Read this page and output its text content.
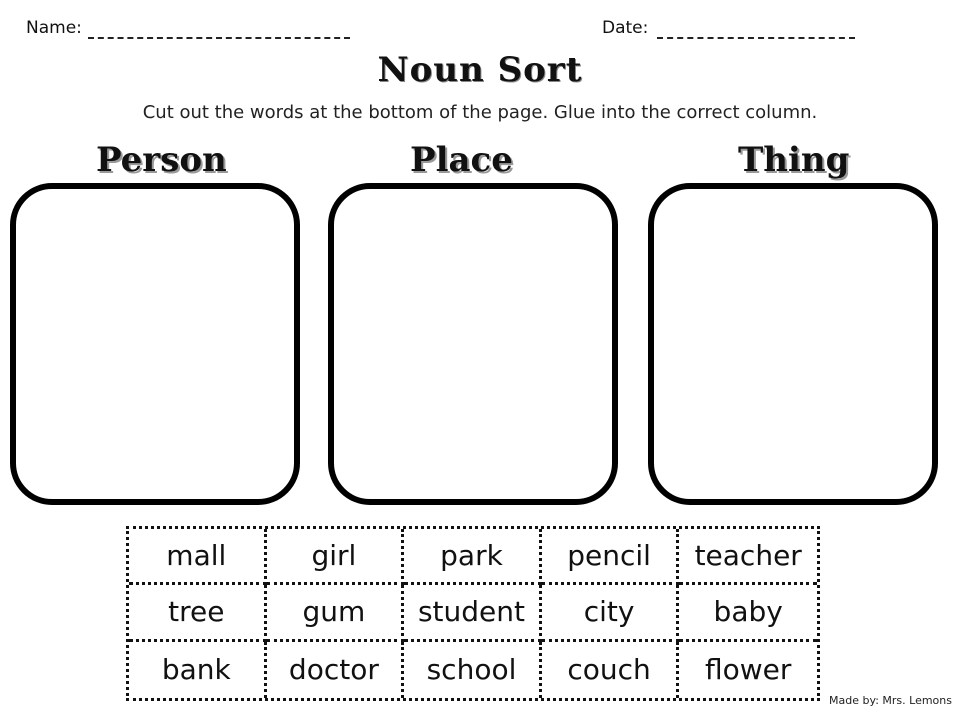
Name:	Date:
Noun Sort
Cut out the words at the bottom of the page. Glue into the correct column.
Person	Place	Thing
mall	girl	park	pencil	teacher
tree	gum	student	city	baby
bank	doctor	school	couch	flower
Made by: Mrs. Lemons
